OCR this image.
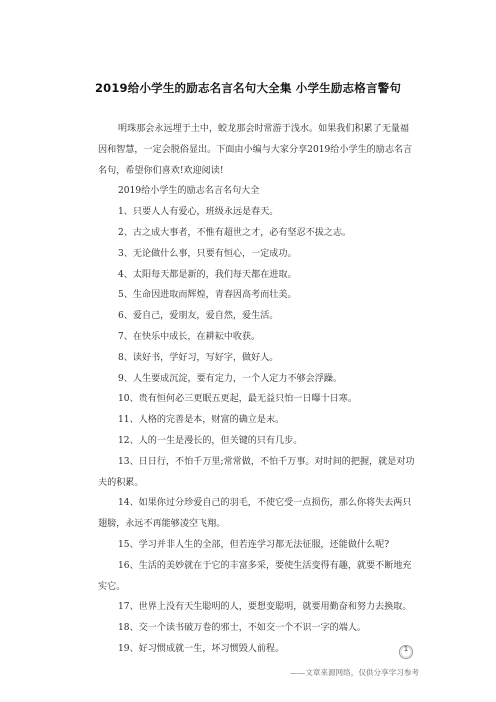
2019给小学生的励志名言名句大全集 小学生励志格言警句

明珠那会永远埋于土中，蛟龙那会时常游于浅水。如果我们积累了无量福因和智慧，一定会脱俗显出。下面由小编与大家分享2019给小学生的励志名言名句，希望你们喜欢!欢迎阅读!

2019给小学生的励志名言名句大全

1、只要人人有爱心，班级永远是春天。

2、古之成大事者，不惟有超世之才，必有坚忍不拔之志。

3、无论做什么事，只要有恒心，一定成功。

4、太阳每天都是新的，我们每天都在进取。

5、生命因进取而辉煌，青春因高考而壮美。

6、爱自己，爱朋友，爱自然，爱生活。

7、在快乐中成长，在耕耘中收获。

8、读好书，学好习，写好字，做好人。

9、人生要成沉淀，要有定力，一个人定力不够会浮躁。

10、贵有恒何必三更眠五更起，最无益只怕一日曝十日寒。

11、人格的完善是本，财富的确立是末。

12、人的一生是漫长的，但关键的只有几步。

13、日日行，不怕千万里;常常做，不怕千万事。对时间的把握，就是对功夫的积累。

14、如果你过分珍爱自己的羽毛，不使它受一点损伤，那么你将失去两只翅膀，永远不再能够凌空飞翔。

15、学习并非人生的全部，但若连学习都无法征服，还能做什么呢?

16、生活的美妙就在于它的丰富多采，要使生活变得有趣，就要不断地充实它。

17、世界上没有天生聪明的人，要想变聪明，就要用勤奋和努力去换取。

18、交一个读书破万卷的邪士，不如交一个不识一字的端人。

19、好习惯成就一生，坏习惯毁人前程。	1
——文章来源网络，仅供分享学习参考
